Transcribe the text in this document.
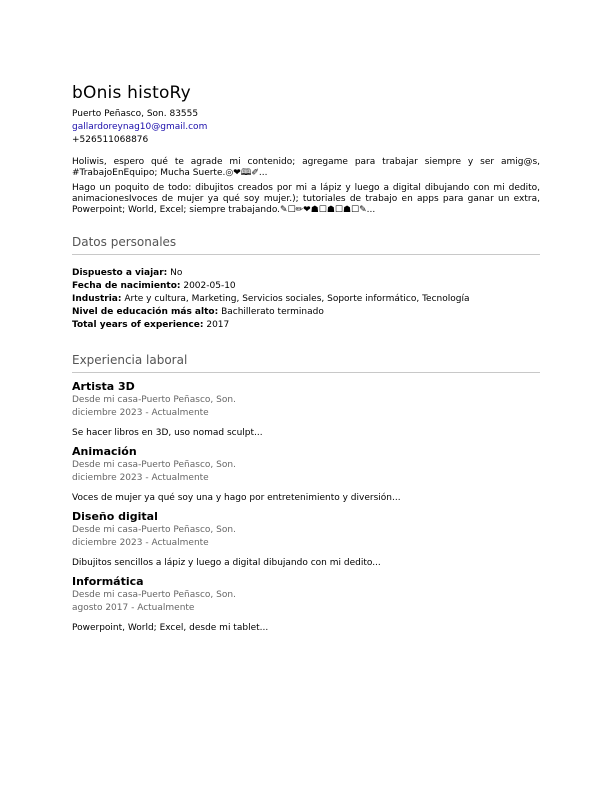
bOnis histoRy
Puerto Peñasco, Son. 83555
gallardoreynag10@gmail.com
+526511068876
Holiwis, espero qué te agrade mi contenido; agregame para trabajar siempre y ser amig@s, #TrabajoEnEquipo; Mucha Suerte.◎❤🕮✐...
Hago un poquito de todo: dibujitos creados por mi a lápiz y luego a digital dibujando con mi dedito, animacionesIvoces de mujer ya qué soy mujer.); tutoriales de trabajo en apps para ganar un extra, Powerpoint; World, Excel; siempre trabajando.✎☐✏❤☗☐☗☐☗☐✎...
Datos personales
Dispuesto a viajar: No
Fecha de nacimiento: 2002-05-10
Industria: Arte y cultura, Marketing, Servicios sociales, Soporte informático, Tecnología
Nivel de educación más alto: Bachillerato terminado
Total years of experience: 2017
Experiencia laboral
Artista 3D
Desde mi casa-Puerto Peñasco, Son.
diciembre 2023 - Actualmente
Se hacer libros en 3D, uso nomad sculpt...
Animación
Desde mi casa-Puerto Peñasco, Son.
diciembre 2023 - Actualmente
Voces de mujer ya qué soy una y hago por entretenimiento y diversión...
Diseño digital
Desde mi casa-Puerto Peñasco, Son.
diciembre 2023 - Actualmente
Dibujitos sencillos a lápiz y luego a digital dibujando con mi dedito...
Informática
Desde mi casa-Puerto Peñasco, Son.
agosto 2017 - Actualmente
Powerpoint, World; Excel, desde mi tablet...
